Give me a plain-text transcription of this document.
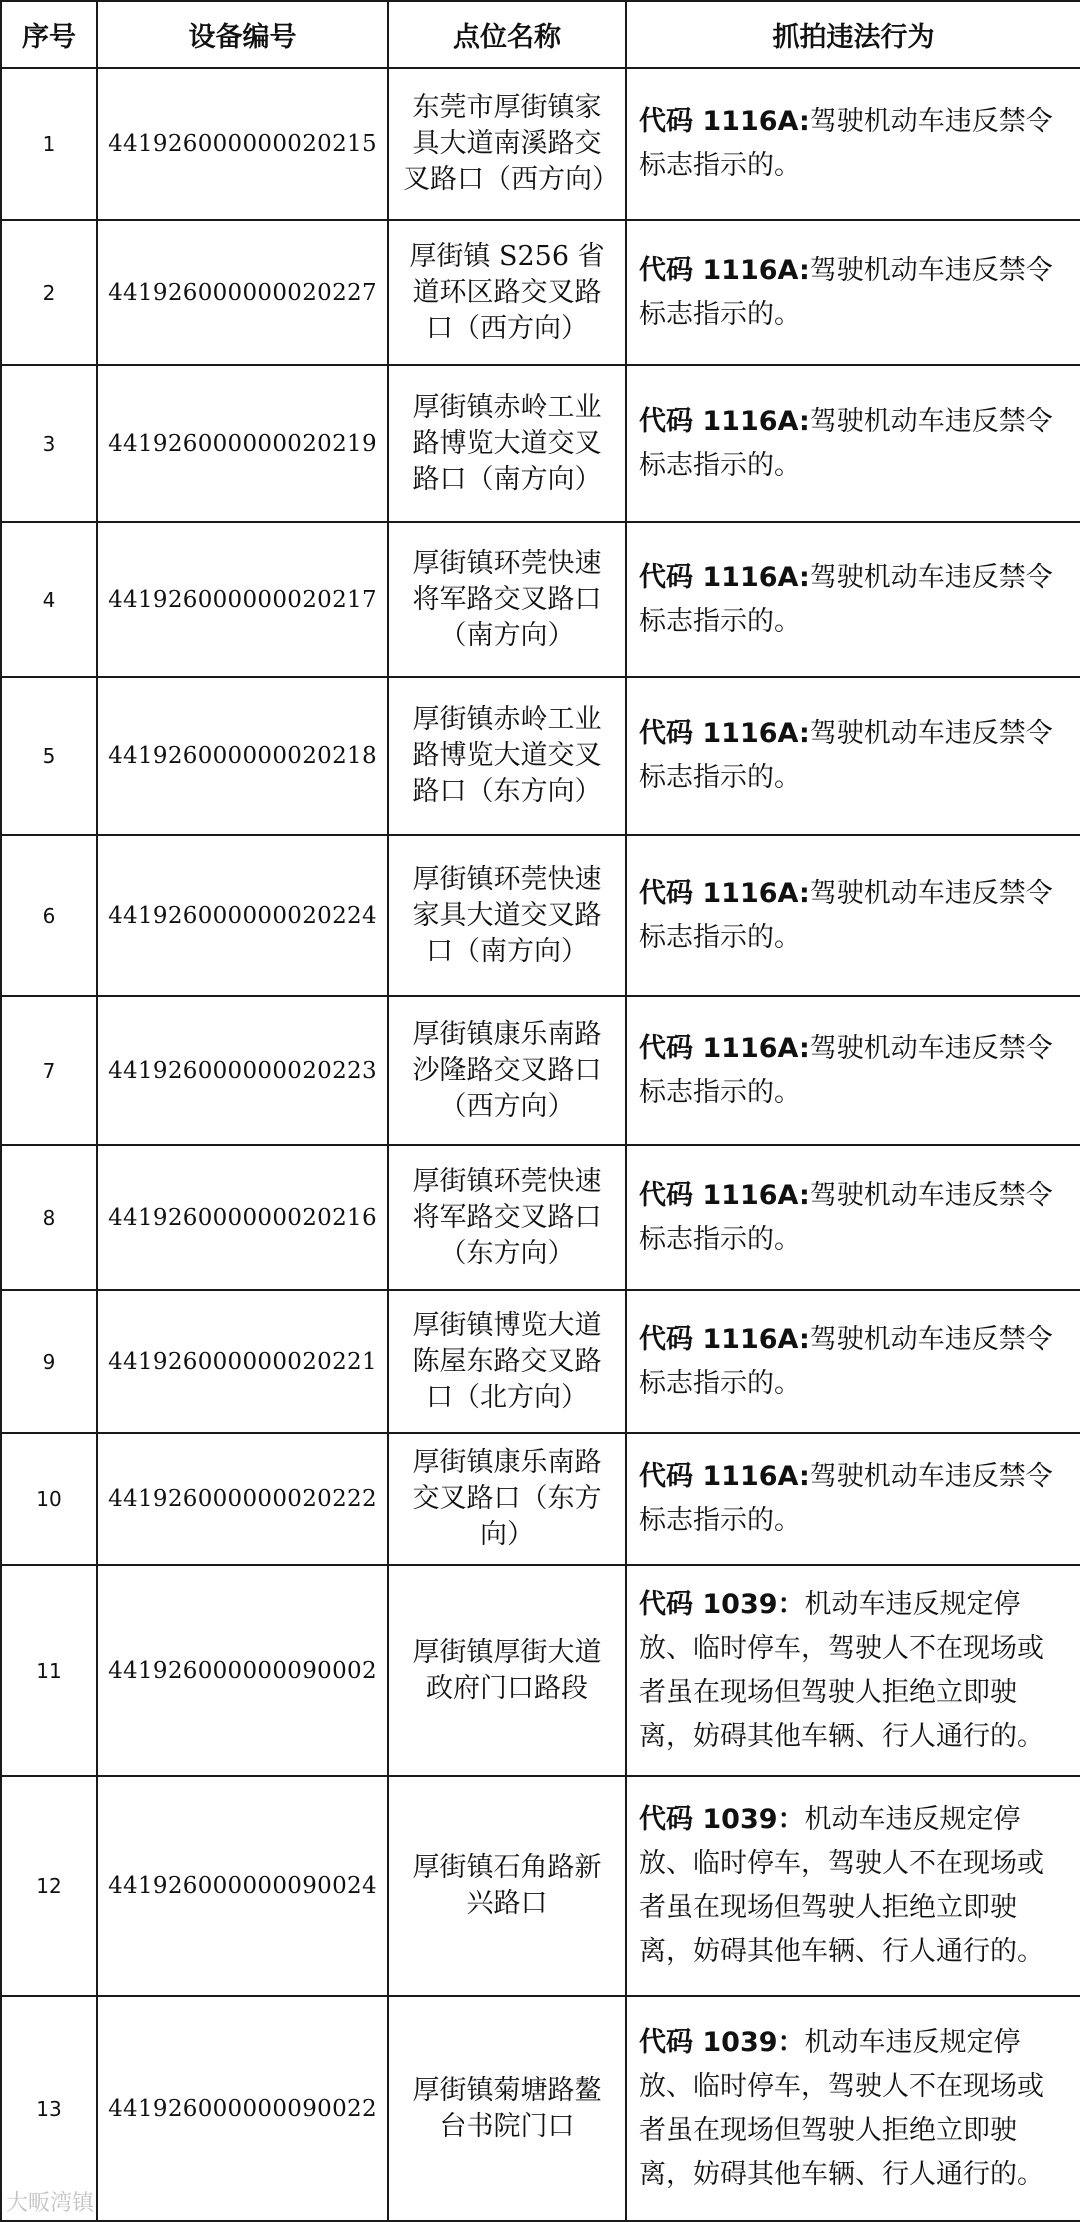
序号	设备编号	点位名称	抓拍违法行为
1	441926000000020215	东莞市厚街镇家具大道南溪路交叉路口（西方向）	代码 1116A:驾驶机动车违反禁令标志指示的。
2	441926000000020227	厚街镇 S256 省道环区路交叉路口（西方向）	代码 1116A:驾驶机动车违反禁令标志指示的。
3	441926000000020219	厚街镇赤岭工业路博览大道交叉路口（南方向）	代码 1116A:驾驶机动车违反禁令标志指示的。
4	441926000000020217	厚街镇环莞快速将军路交叉路口（南方向）	代码 1116A:驾驶机动车违反禁令标志指示的。
5	441926000000020218	厚街镇赤岭工业路博览大道交叉路口（东方向）	代码 1116A:驾驶机动车违反禁令标志指示的。
6	441926000000020224	厚街镇环莞快速家具大道交叉路口（南方向）	代码 1116A:驾驶机动车违反禁令标志指示的。
7	441926000000020223	厚街镇康乐南路沙隆路交叉路口（西方向）	代码 1116A:驾驶机动车违反禁令标志指示的。
8	441926000000020216	厚街镇环莞快速将军路交叉路口（东方向）	代码 1116A:驾驶机动车违反禁令标志指示的。
9	441926000000020221	厚街镇博览大道陈屋东路交叉路口（北方向）	代码 1116A:驾驶机动车违反禁令标志指示的。
10	441926000000020222	厚街镇康乐南路交叉路口（东方向）	代码 1116A:驾驶机动车违反禁令标志指示的。
11	441926000000090002	厚街镇厚街大道政府门口路段	代码 1039：机动车违反规定停放、临时停车，驾驶人不在现场或者虽在现场但驾驶人拒绝立即驶离，妨碍其他车辆、行人通行的。
12	441926000000090024	厚街镇石角路新兴路口	代码 1039：机动车违反规定停放、临时停车，驾驶人不在现场或者虽在现场但驾驶人拒绝立即驶离，妨碍其他车辆、行人通行的。
13	441926000000090022	厚街镇菊塘路鳌台书院门口	代码 1039：机动车违反规定停放、临时停车，驾驶人不在现场或者虽在现场但驾驶人拒绝立即驶离，妨碍其他车辆、行人通行的。
大畈湾镇
